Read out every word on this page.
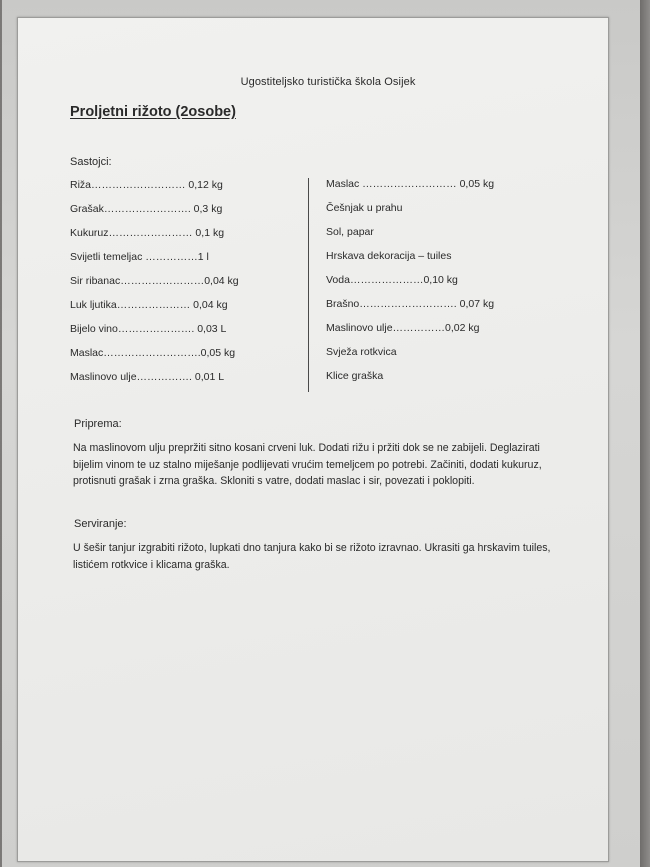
Ugostiteljsko turistička škola Osijek
Proljetni rižoto (2osobe)
Sastojci:
Riža……………………… 0,12 kg
Grašak……………………. 0,3 kg
Kukuruz…………………… 0,1 kg
Svijetli temeljac ……………1 l
Sir ribanac……………………0,04 kg
Luk ljutika………………… 0,04 kg
Bijelo vino…………………. 0,03 L
Maslac……………………….0,05 kg
Maslinovo ulje……………. 0,01 L
Maslac ……………………… 0,05 kg
Češnjak u prahu
Sol, papar
Hrskava dekoracija – tuiles
Voda…………………0,10 kg
Brašno………………………. 0,07 kg
Maslinovo ulje……………0,02 kg
Svježa rotkvica
Klice graška
Priprema:
Na maslinovom ulju prepržiti sitno kosani crveni luk. Dodati rižu i pržiti dok se ne zabijeli. Deglazirati
bijelim vinom te uz stalno miješanje podlijevati vrućim temeljcem po potrebi. Začiniti, dodati kukuruz,
protisnuti grašak i zrna graška. Skloniti s vatre, dodati maslac i sir, povezati i poklopiti.
Serviranje:
U šešir tanjur izgrabiti rižoto, lupkati dno tanjura kako bi se rižoto izravnao. Ukrasiti ga hrskavim tuiles,
listićem rotkvice i klicama graška.
